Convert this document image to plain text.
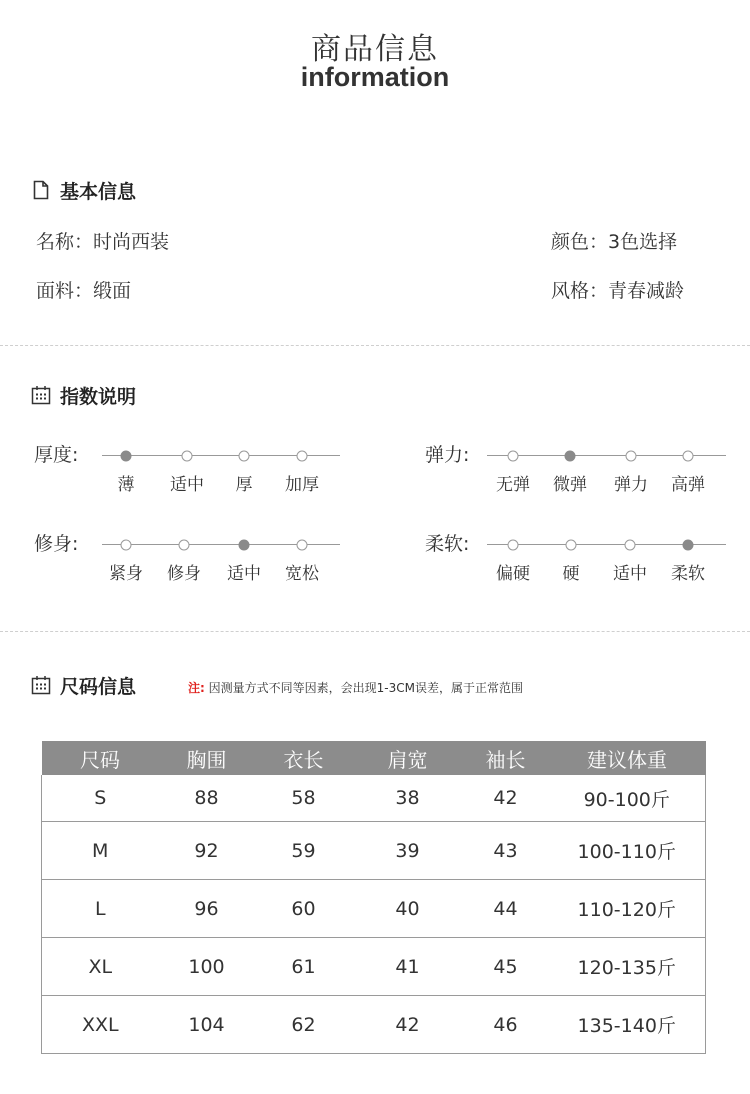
商品信息
information
基本信息
名称：时尚西装	颜色：3色选择
面料：缎面	风格：青春减龄
指数说明
厚度:
薄 适中 厚 加厚
弹力:
无弹 微弹 弹力 高弹
修身:
紧身 修身 适中 宽松
柔软:
偏硬 硬 适中 柔软
尺码信息	注: 因测量方式不同等因素，会出现1-3CM误差，属于正常范围
尺码	胸围	衣长	肩宽	袖长	建议体重
S	88	58	38	42	90-100斤
M	92	59	39	43	100-110斤
L	96	60	40	44	110-120斤
XL	100	61	41	45	120-135斤
XXL	104	62	42	46	135-140斤
